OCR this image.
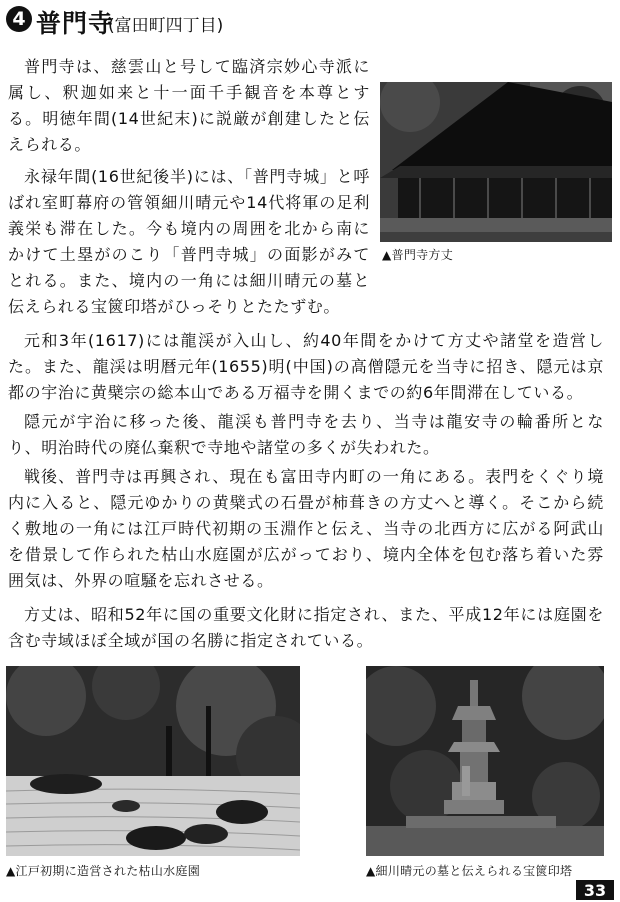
4 普門寺
(富田町四丁目)

普門寺は、慈雲山と号して臨済宗妙心寺派に属し、釈迦如来と十一面千手観音を本尊とする。明徳年間(14世紀末)に説厳が創建したと伝えられる。

永禄年間(16世紀後半)には、「普門寺城」と呼ばれ室町幕府の管領細川晴元や14代将軍の足利義栄も滞在した。今も境内の周囲を北から南にかけて土塁がのこり「普門寺城」の面影がみてとれる。また、境内の一角には細川晴元の墓と伝えられる宝篋印塔がひっそりとたたずむ。

元和3年(1617)には龍渓が入山し、約40年間をかけて方丈や諸堂を造営した。また、龍渓は明暦元年(1655)明(中国)の高僧隠元を当寺に招き、隠元は京都の宇治に黄檗宗の総本山である万福寺を開くまでの約6年間滞在している。

隠元が宇治に移った後、龍渓も普門寺を去り、当寺は龍安寺の輪番所となり、明治時代の廃仏棄釈で寺地や諸堂の多くが失われた。

戦後、普門寺は再興され、現在も富田寺内町の一角にある。表門をくぐり境内に入ると、隠元ゆかりの黄檗式の石畳が柿葺きの方丈へと導く。そこから続く敷地の一角には江戸時代初期の玉淵作と伝え、当寺の北西方に広がる阿武山を借景して作られた枯山水庭園が広がっており、境内全体を包む落ち着いた雰囲気は、外界の喧騒を忘れさせる。

方丈は、昭和52年に国の重要文化財に指定され、また、平成12年には庭園を含む寺域ほぼ全域が国の名勝に指定されている。

▲普門寺方丈
▲江戸初期に造営された枯山水庭園	▲細川晴元の墓と伝えられる宝篋印塔
33
